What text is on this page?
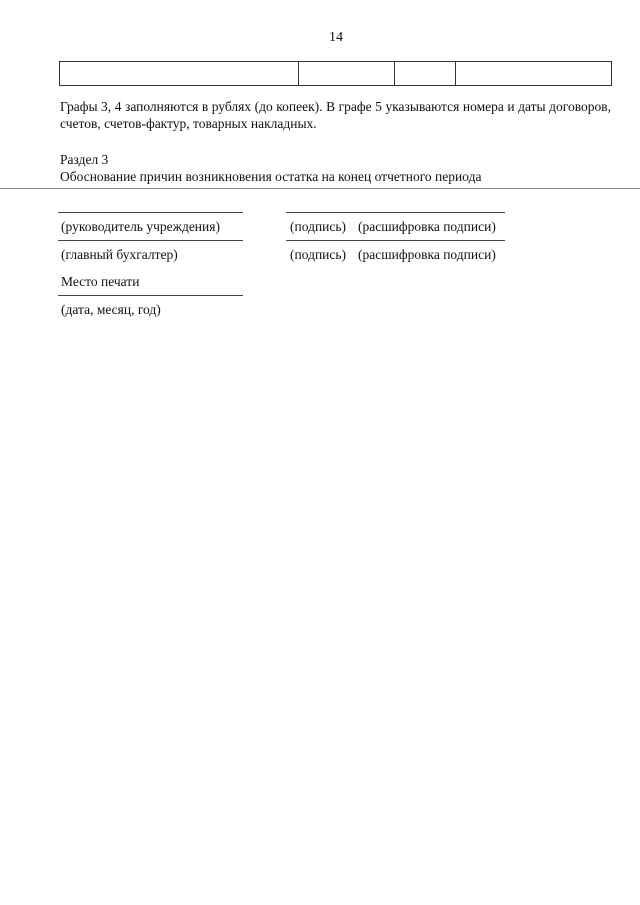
14

Графы 3, 4 заполняются в рублях (до копеек). В графе 5 указываются номера и даты договоров, счетов, счетов-фактур, товарных накладных.

Раздел 3
Обоснование причин возникновения остатка на конец отчетного периода
(руководитель учреждения)	(подпись) (расшифровка подписи)
(главный бухгалтер)	(подпись) (расшифровка подписи)
Место печати
(дата, месяц, год)
